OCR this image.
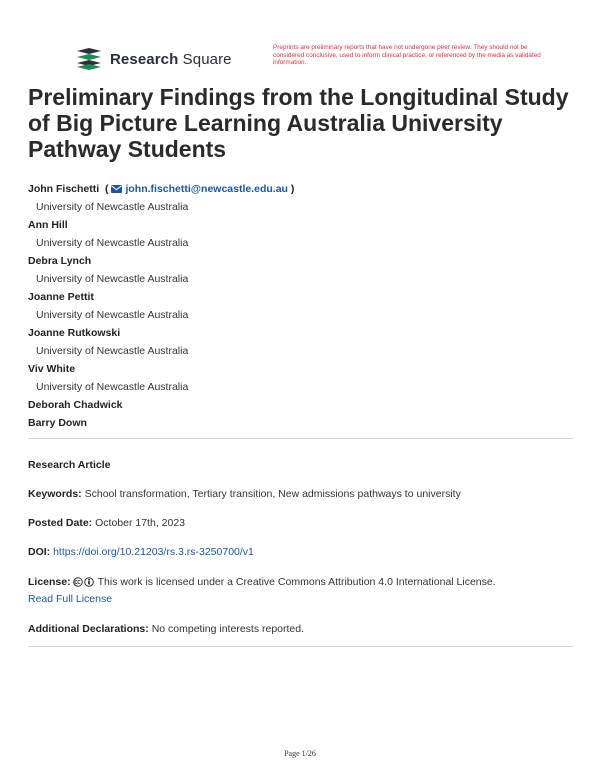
Research Square
Preprints are preliminary reports that have not undergone peer review. They should not be considered conclusive, used to inform clinical practice, or referenced by the media as validated information.
Preliminary Findings from the Longitudinal Study of Big Picture Learning Australia University Pathway Students
John Fischetti  ( john.fischetti@newcastle.edu.au )
University of Newcastle Australia
Ann Hill
University of Newcastle Australia
Debra Lynch
University of Newcastle Australia
Joanne Pettit
University of Newcastle Australia
Joanne Rutkowski
University of Newcastle Australia
Viv White
University of Newcastle Australia
Deborah Chadwick
Barry Down
Research Article
Keywords: School transformation, Tertiary transition, New admissions pathways to university
Posted Date: October 17th, 2023
DOI: https://doi.org/10.21203/rs.3.rs-3250700/v1
License:	This work is licensed under a Creative Commons Attribution 4.0 International License.
Read Full License
Additional Declarations: No competing interests reported.
Page 1/26
